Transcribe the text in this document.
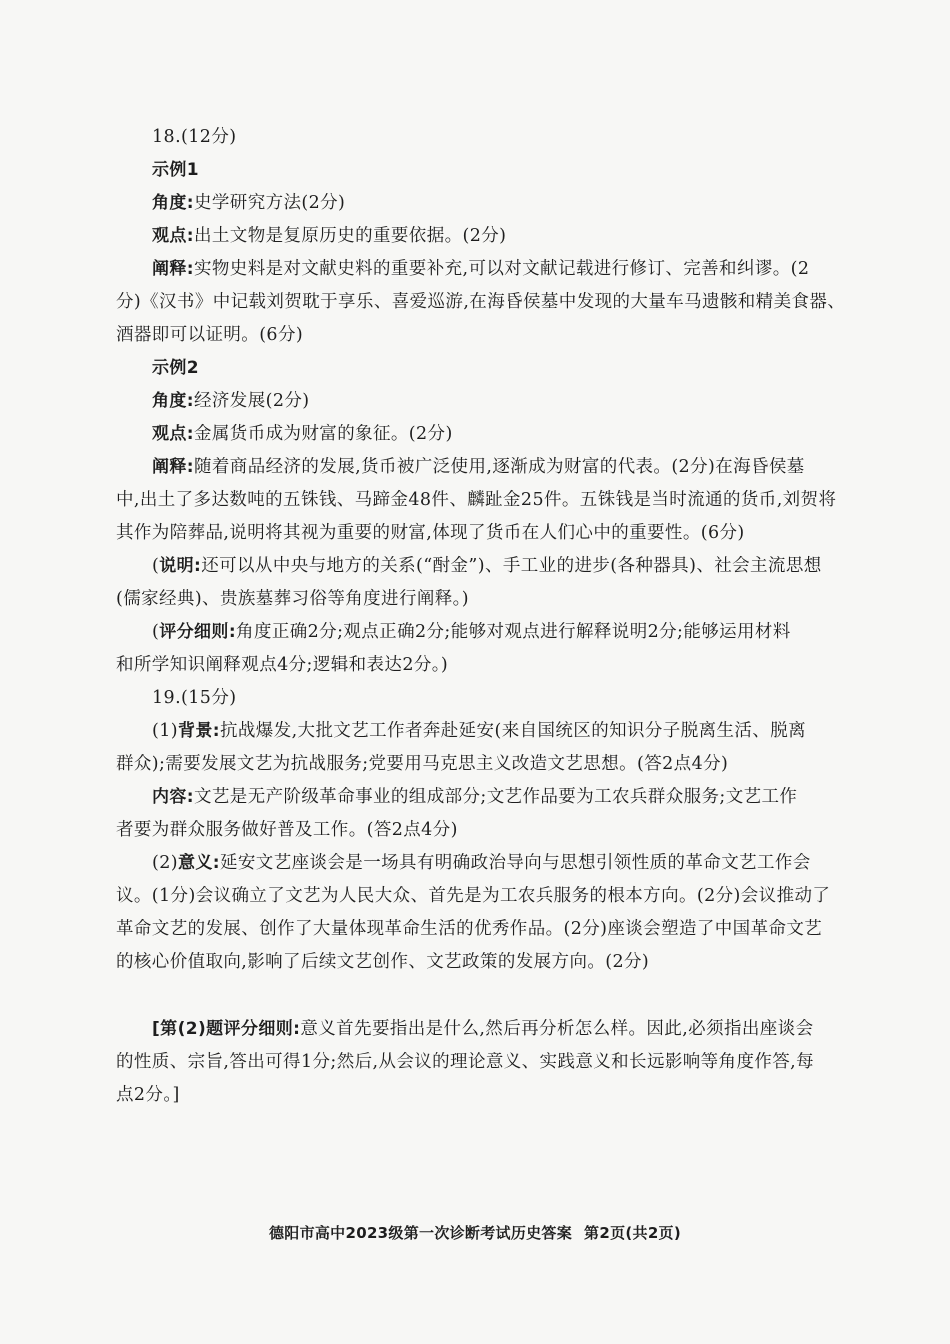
18.(12分)
示例1
角度:史学研究方法(2分)
观点:出土文物是复原历史的重要依据。(2分)
阐释:实物史料是对文献史料的重要补充,可以对文献记载进行修订、完善和纠谬。(2
分)《汉书》中记载刘贺耽于享乐、喜爱巡游,在海昏侯墓中发现的大量车马遗骸和精美食器、
酒器即可以证明。(6分)
示例2
角度:经济发展(2分)
观点:金属货币成为财富的象征。(2分)
阐释:随着商品经济的发展,货币被广泛使用,逐渐成为财富的代表。(2分)在海昏侯墓
中,出土了多达数吨的五铢钱、马蹄金48件、麟趾金25件。五铢钱是当时流通的货币,刘贺将
其作为陪葬品,说明将其视为重要的财富,体现了货币在人们心中的重要性。(6分)
(说明:还可以从中央与地方的关系(“酎金”)、手工业的进步(各种器具)、社会主流思想
(儒家经典)、贵族墓葬习俗等角度进行阐释。)
(评分细则:角度正确2分;观点正确2分;能够对观点进行解释说明2分;能够运用材料
和所学知识阐释观点4分;逻辑和表达2分。)
19.(15分)
(1)背景:抗战爆发,大批文艺工作者奔赴延安(来自国统区的知识分子脱离生活、脱离
群众);需要发展文艺为抗战服务;党要用马克思主义改造文艺思想。(答2点4分)
内容:文艺是无产阶级革命事业的组成部分;文艺作品要为工农兵群众服务;文艺工作
者要为群众服务做好普及工作。(答2点4分)
(2)意义:延安文艺座谈会是一场具有明确政治导向与思想引领性质的革命文艺工作会
议。(1分)会议确立了文艺为人民大众、首先是为工农兵服务的根本方向。(2分)会议推动了
革命文艺的发展、创作了大量体现革命生活的优秀作品。(2分)座谈会塑造了中国革命文艺
的核心价值取向,影响了后续文艺创作、文艺政策的发展方向。(2分)
[第(2)题评分细则:意义首先要指出是什么,然后再分析怎么样。因此,必须指出座谈会
的性质、宗旨,答出可得1分;然后,从会议的理论意义、实践意义和长远影响等角度作答,每
点2分。]
德阳市高中2023级第一次诊断考试历史答案 第2页(共2页)
